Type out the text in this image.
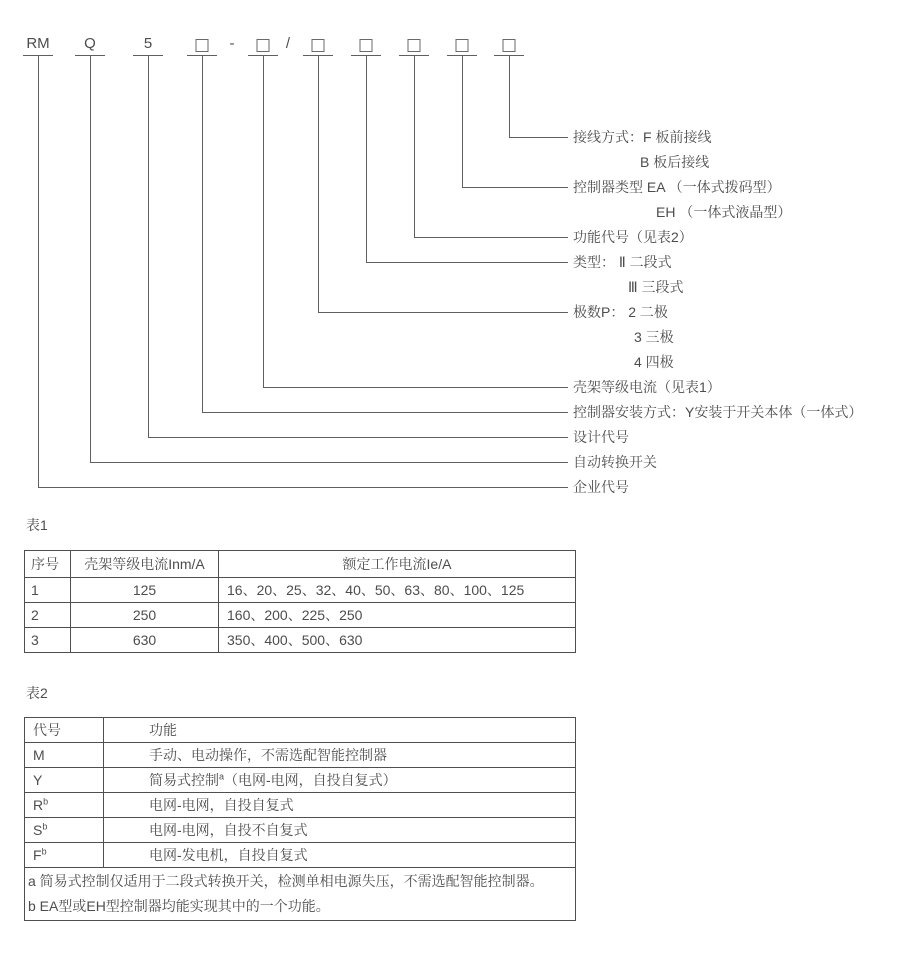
RM Q	5	-	/
接线方式：F 板前接线
B 板后接线
控制器类型 EA （一体式拨码型）
EH （一体式液晶型）
功能代号（见表2）
类型： Ⅱ 二段式
Ⅲ 三段式
极数P： 2 二极
3 三极
4 四极
壳架等级电流（见表1）
控制器安装方式：Y安装于开关本体（一体式）
设计代号
自动转换开关
企业代号
表1
序号	壳架等级电流Inm/A	额定工作电流Ie/A
1	125	16、20、25、32、40、50、63、80、100、125
2	250	160、200、225、250
3	630	350、400、500、630
表2
代号	功能
M	手动、电动操作，不需选配智能控制器
Y	简易式控制$^a$（电网-电网，自投自复式）
$R^b$	电网-电网，自投自复式
$S^b$	电网-电网，自投不自复式
$F^b$	电网-发电机，自投自复式

a 简易式控制仅适用于二段式转换开关，检测单相电源失压，不需选配智能控制器。
b EA型或EH型控制器均能实现其中的一个功能。	
